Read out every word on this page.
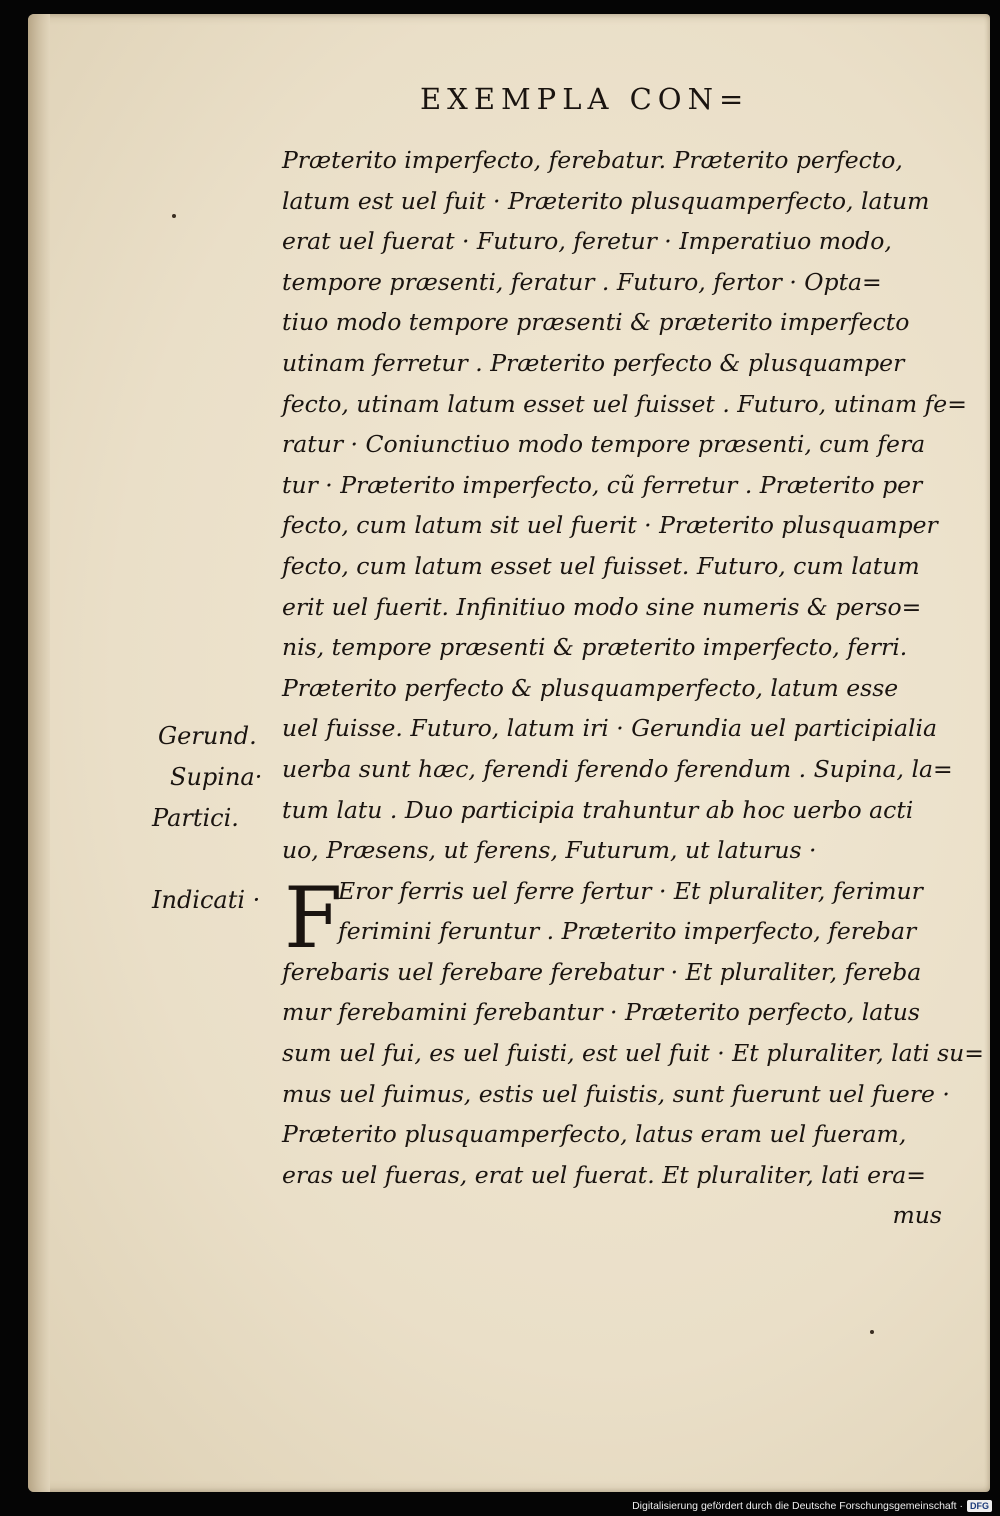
EXEMPLA CON=
Præterito imperfecto, ferebatur. Præterito perfecto,
latum est uel fuit · Præterito plusquamperfecto, latum
erat uel fuerat · Futuro, feretur · Imperatiuo modo,
tempore præsenti, feratur . Futuro, fertor · Opta=
tiuo modo tempore præsenti & præterito imperfecto
utinam ferretur . Præterito perfecto & plusquamper
fecto, utinam latum esset uel fuisset . Futuro, utinam fe=
ratur · Coniunctiuo modo tempore præsenti, cum fera
tur · Præterito imperfecto, cũ ferretur . Præterito per
fecto, cum latum sit uel fuerit · Præterito plusquamper
fecto, cum latum esset uel fuisset. Futuro, cum latum
erit uel fuerit. Infinitiuo modo sine numeris & perso=
nis, tempore præsenti & præterito imperfecto, ferri.
Præterito perfecto & plusquamperfecto, latum esse
uel fuisse. Futuro, latum iri · Gerundia uel participialia
uerba sunt hæc, ferendi ferendo ferendum . Supina, la=
tum latu . Duo participia trahuntur ab hoc uerbo acti
uo, Præsens, ut ferens, Futurum, ut laturus ·
Eror ferris uel ferre fertur · Et pluraliter, ferimur
ferimini feruntur . Præterito imperfecto, ferebar
ferebaris uel ferebare ferebatur · Et pluraliter, fereba
mur ferebamini ferebantur · Præterito perfecto, latus
sum uel fui, es uel fuisti, est uel fuit · Et pluraliter, lati su=
mus uel fuimus, estis uel fuistis, sunt fuerunt uel fuere ·
Præterito plusquamperfecto, latus eram uel fueram,
eras uel fueras, erat uel fuerat. Et pluraliter, lati era=
mus
F
Gerund.
Supina·
Partici.
Indicati ·
Digitalisierung gefördert durch die Deutsche Forschungsgemeinschaft · DFG
